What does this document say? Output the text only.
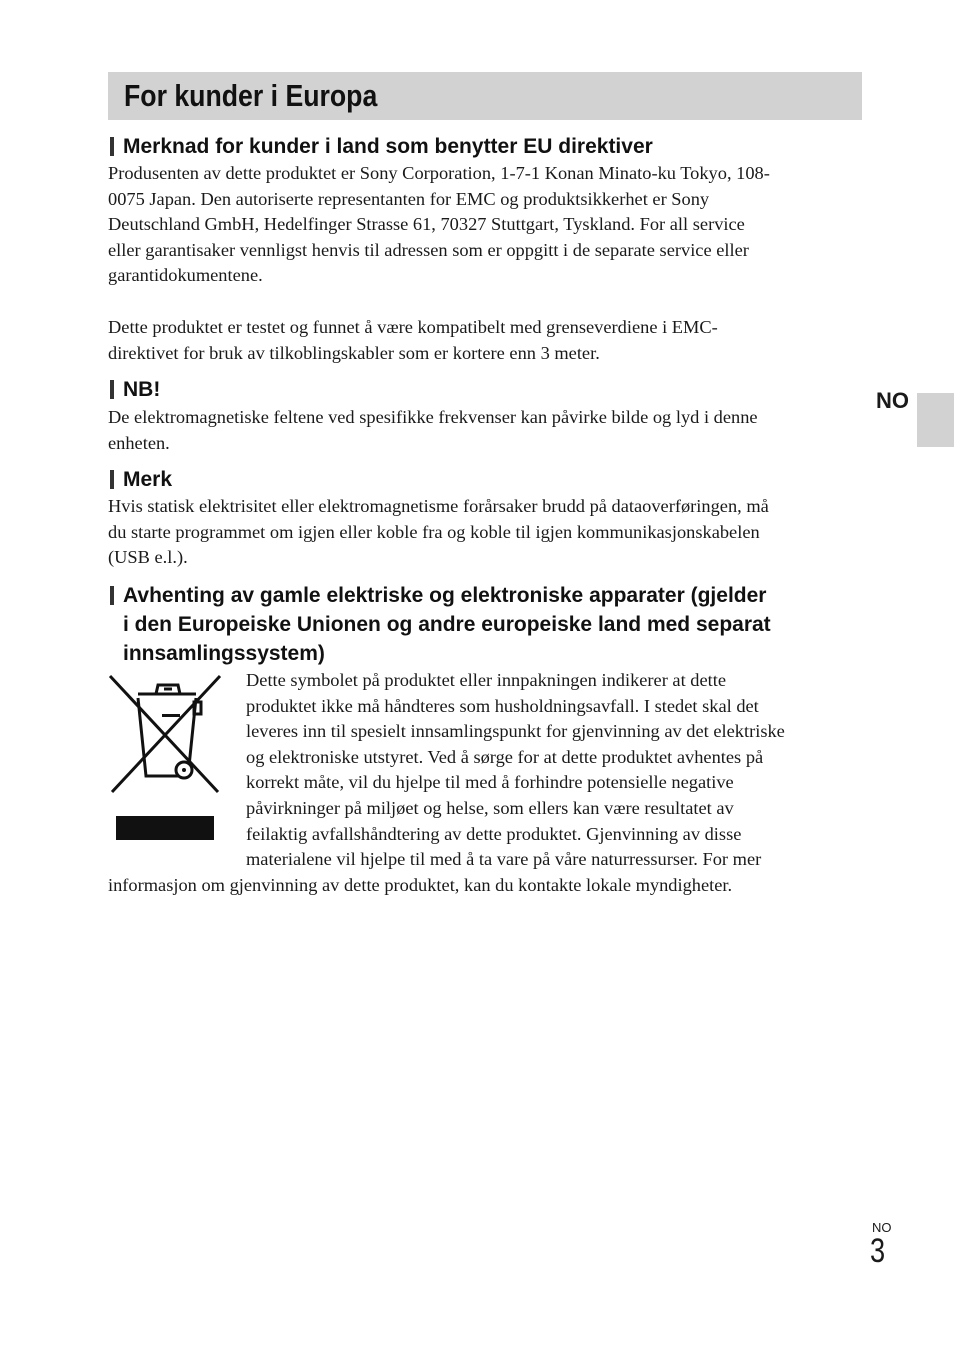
For kunder i Europa
NO
Merknad for kunder i land som benytter EU direktiver
Produsenten av dette produktet er Sony Corporation, 1-7-1 Konan Minato-ku Tokyo, 108-
0075 Japan. Den autoriserte representanten for EMC og produktsikkerhet er Sony
Deutschland GmbH, Hedelfinger Strasse 61, 70327 Stuttgart, Tyskland. For all service
eller garantisaker vennligst henvis til adressen som er oppgitt i de separate service eller
garantidokumentene.
Dette produktet er testet og funnet å være kompatibelt med grenseverdiene i EMC-
direktivet for bruk av tilkoblingskabler som er kortere enn 3 meter.
NB!
De elektromagnetiske feltene ved spesifikke frekvenser kan påvirke bilde og lyd i denne
enheten.
Merk
Hvis statisk elektrisitet eller elektromagnetisme forårsaker brudd på dataoverføringen, må
du starte programmet om igjen eller koble fra og koble til igjen kommunikasjonskabelen
(USB e.l.).
Avhenting av gamle elektriske og elektroniske apparater (gjelder
i den Europeiske Unionen og andre europeiske land med separat
innsamlingssystem)
Dette symbolet på produktet eller innpakningen indikerer at dette
produktet ikke må håndteres som husholdningsavfall. I stedet skal det
leveres inn til spesielt innsamlingspunkt for gjenvinning av det elektriske
og elektroniske utstyret. Ved å sørge for at dette produktet avhentes på
korrekt måte, vil du hjelpe til med å forhindre potensielle negative
påvirkninger på miljøet og helse, som ellers kan være resultatet av
feilaktig avfallshåndtering av dette produktet. Gjenvinning av disse
materialene vil hjelpe til med å ta vare på våre naturressurser. For mer
informasjon om gjenvinning av dette produktet, kan du kontakte lokale myndigheter.
NO
3
